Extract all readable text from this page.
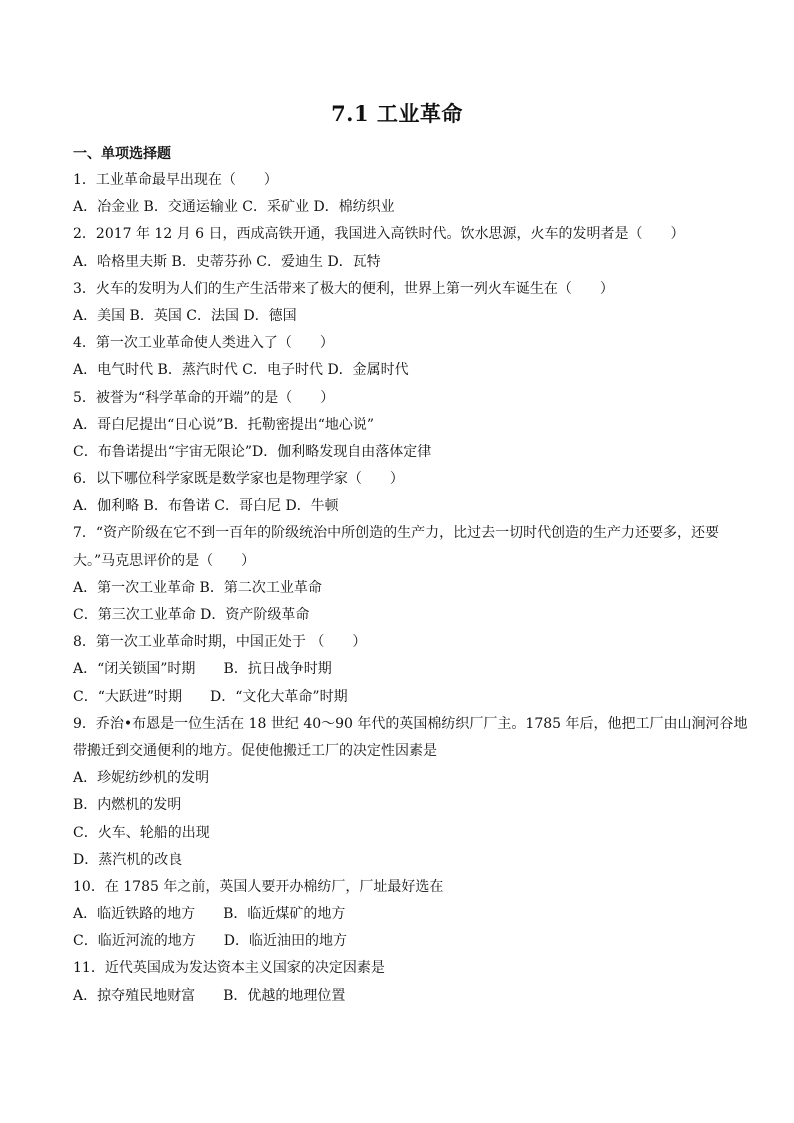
7.1 工业革命
一、单项选择题
1．工业革命最早出现在（　　）
A．冶金业 B．交通运输业 C．采矿业 D．棉纺织业
2．2017 年 12 月 6 日，西成高铁开通，我国进入高铁时代。饮水思源，火车的发明者是（　　）
A．哈格里夫斯 B．史蒂芬孙 C．爱迪生 D．瓦特
3．火车的发明为人们的生产生活带来了极大的便利，世界上第一列火车诞生在（　　）
A．美国 B．英国 C．法国 D．德国
4．第一次工业革命使人类进入了（　　）
A．电气时代 B．蒸汽时代 C．电子时代 D．金属时代
5．被誉为“科学革命的开端”的是（　　）
A．哥白尼提出“日心说”B．托勒密提出“地心说”
C．布鲁诺提出“宇宙无限论”D．伽利略发现自由落体定律
6．以下哪位科学家既是数学家也是物理学家（　　）
A．伽利略 B．布鲁诺 C．哥白尼 D．牛顿
7．“资产阶级在它不到一百年的阶级统治中所创造的生产力，比过去一切时代创造的生产力还要多，还要
大。”马克思评价的是（　　）
A．第一次工业革命 B．第二次工业革命
C．第三次工业革命 D．资产阶级革命
8．第一次工业革命时期，中国正处于 （　　）
A．“闭关锁国”时期 B．抗日战争时期
C．“大跃进”时期 D．“文化大革命”时期
9．乔治•布恩是一位生活在 18 世纪 40～90 年代的英国棉纺织厂厂主。1785 年后，他把工厂由山涧河谷地
带搬迁到交通便利的地方。促使他搬迁工厂的决定性因素是
A．珍妮纺纱机的发明
B．内燃机的发明
C．火车、轮船的出现
D．蒸汽机的改良
10．在 1785 年之前，英国人要开办棉纺厂，厂址最好选在
A．临近铁路的地方 B．临近煤矿的地方
C．临近河流的地方 D．临近油田的地方
11．近代英国成为发达资本主义国家的决定因素是
A．掠夺殖民地财富 B．优越的地理位置
